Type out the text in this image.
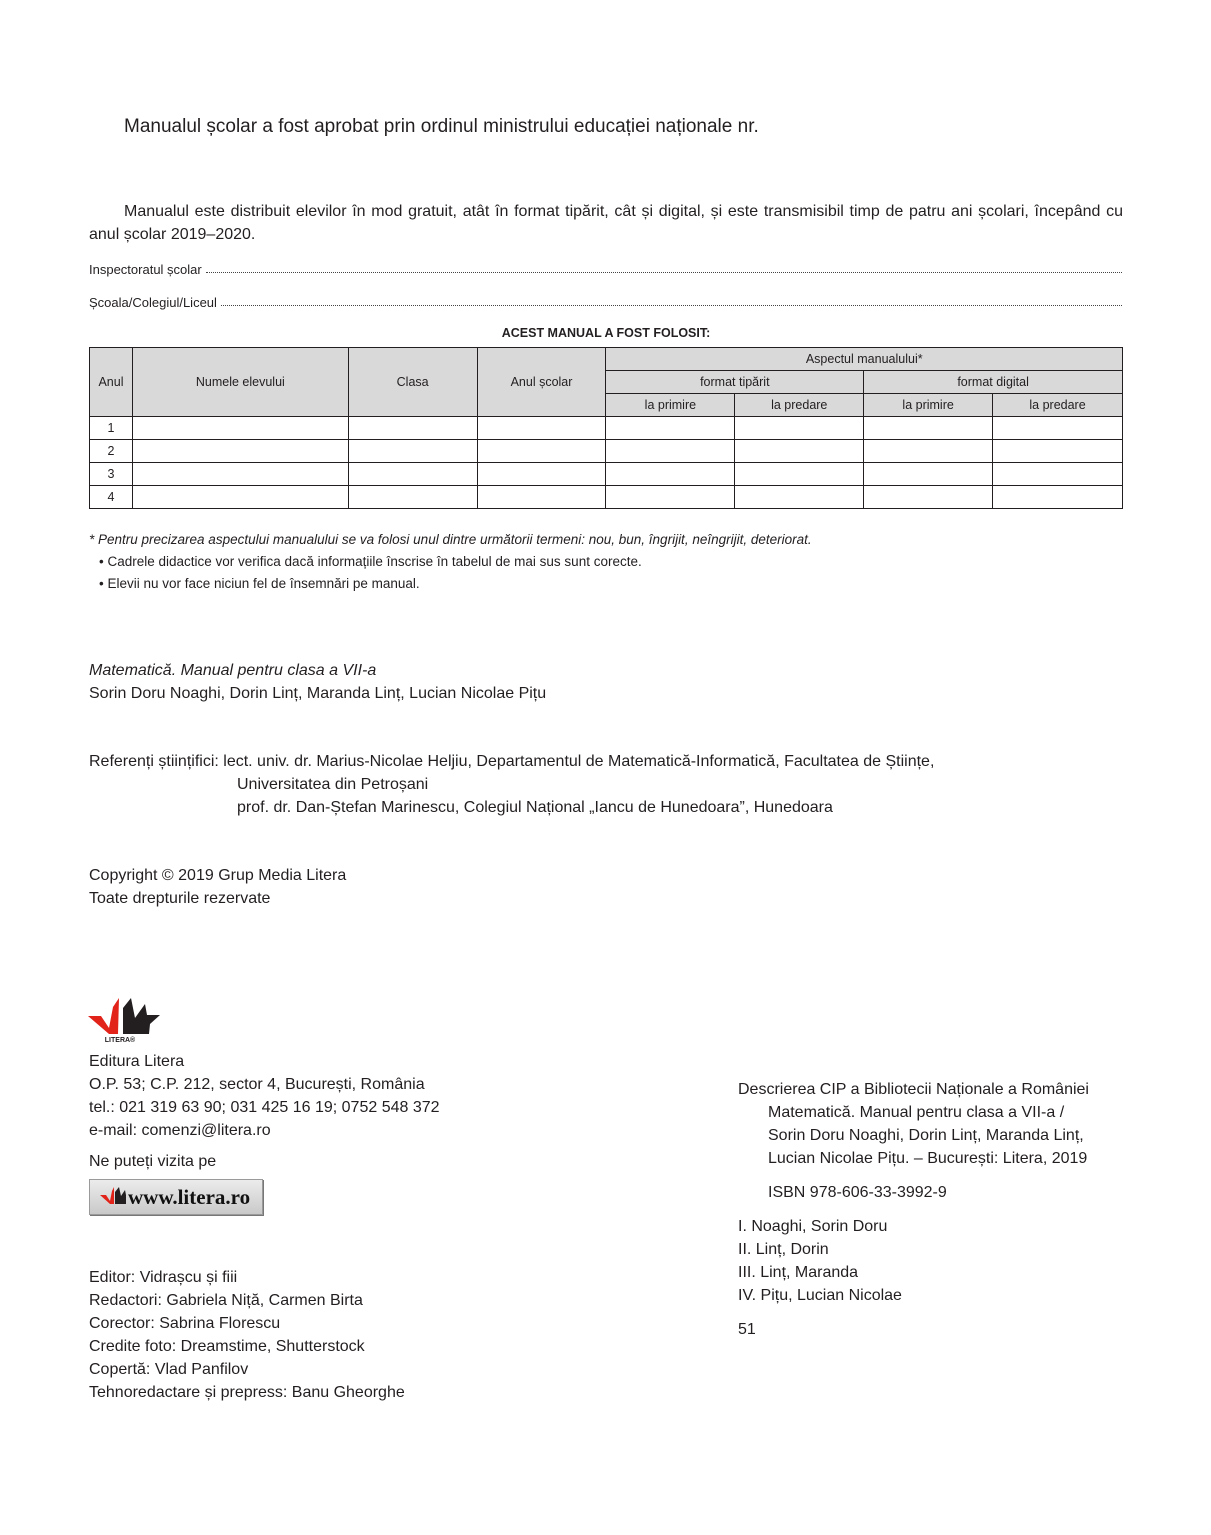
Manualul școlar a fost aprobat prin ordinul ministrului educației naționale nr.
Manualul este distribuit elevilor în mod gratuit, atât în format tipărit, cât și digital, și este transmisibil timp de patru ani școlari, începând cu anul școlar 2019–2020.
Inspectoratul școlar
Școala/Colegiul/Liceul
ACEST MANUAL A FOST FOLOSIT:
Anul	Numele elevului	Clasa	Anul școlar	Aspectul manualului*			
				format tipărit		format digital	
				la primire	la predare	la primire	la predare
1							
2							
3							
4							
* Pentru precizarea aspectului manualului se va folosi unul dintre următorii termeni: nou, bun, îngrijit, neîngrijit, deteriorat.
• Cadrele didactice vor verifica dacă informațiile înscrise în tabelul de mai sus sunt corecte.
• Elevii nu vor face niciun fel de însemnări pe manual.
Matematică. Manual pentru clasa a VII-a
Sorin Doru Noaghi, Dorin Linț, Maranda Linț, Lucian Nicolae Pițu
Referenți științifici: lect. univ. dr. Marius-Nicolae Heljiu, Departamentul de Matematică-Informatică, Facultatea de Științe,
Universitatea din Petroșani
prof. dr. Dan-Ștefan Marinescu, Colegiul Național „Iancu de Hunedoara”, Hunedoara
Copyright © 2019 Grup Media Litera
Toate drepturile rezervate
LITERA®
Editura Litera
O.P. 53; C.P. 212, sector 4, București, România
tel.: 021 319 63 90; 031 425 16 19; 0752 548 372
e-mail: comenzi@litera.ro
Ne puteți vizita pe
www.litera.ro
Editor: Vidrașcu și fiii
Redactori: Gabriela Niță, Carmen Birta
Corector: Sabrina Florescu
Credite foto: Dreamstime, Shutterstock
Copertă: Vlad Panfilov
Tehnoredactare și prepress: Banu Gheorghe
Descrierea CIP a Bibliotecii Naționale a României
Matematică. Manual pentru clasa a VII-a /
Sorin Doru Noaghi, Dorin Linț, Maranda Linț,
Lucian Nicolae Pițu. – București: Litera, 2019
ISBN 978-606-33-3992-9
I. Noaghi, Sorin Doru
II. Linț, Dorin
III. Linț, Maranda
IV. Pițu, Lucian Nicolae
51
